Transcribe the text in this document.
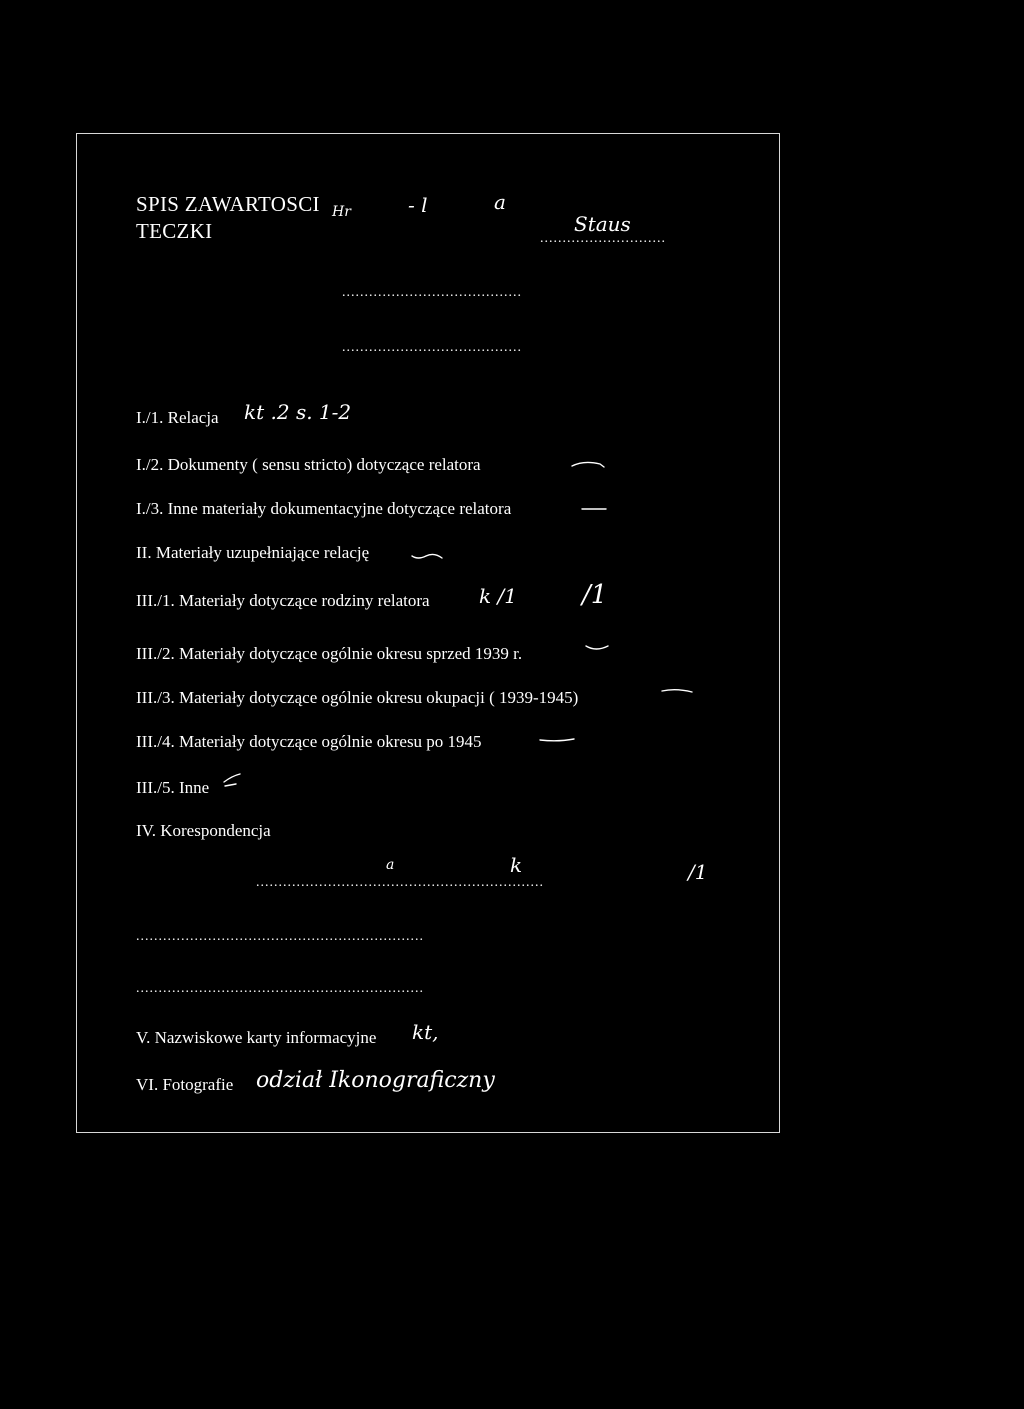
SPIS ZAWARTOSCI
TECZKI
Hr	- l	a
............................
Staus
........................................
........................................
I./1. Relacja kt .2 s. 1-2
I./2. Dokumenty ( sensu stricto) dotyczące relatora
I./3. Inne materiały dokumentacyjne dotyczące relatora
II. Materiały uzupełniające relację
III./1. Materiały dotyczące rodziny relatora k /1	/1
III./2. Materiały dotyczące ogólnie okresu sprzed 1939 r.
III./3. Materiały dotyczące ogólnie okresu okupacji ( 1939-1945)
III./4. Materiały dotyczące ogólnie okresu po 1945
III./5. Inne
IV. Korespondencja
................................................................
a	k	/1
................................................................
................................................................
V. Nazwiskowe karty informacyjne kt,
VI. Fotografie odział Ikonograficzny
